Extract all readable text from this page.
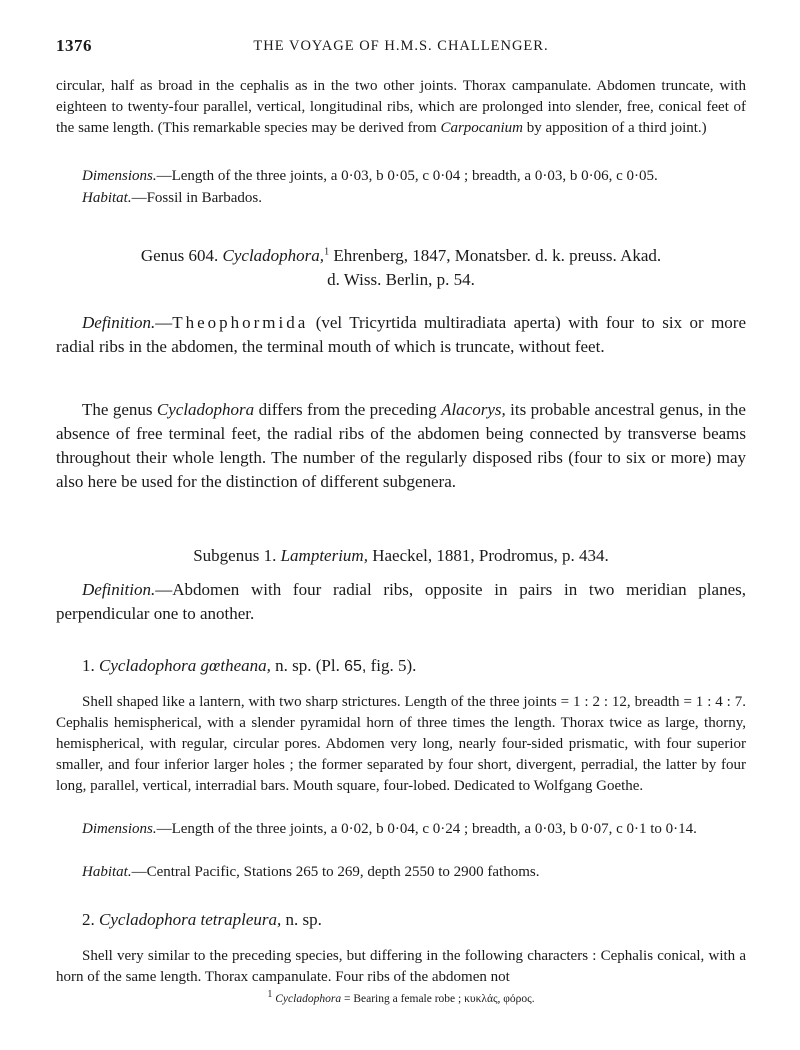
1376	THE VOYAGE OF H.M.S. CHALLENGER.

circular, half as broad in the cephalis as in the two other joints. Thorax campanulate. Abdomen truncate, with eighteen to twenty-four parallel, vertical, longitudinal ribs, which are prolonged into slender, free, conical feet of the same length. (This remarkable species may be derived from Carpocanium by apposition of a third joint.)

Dimensions.—Length of the three joints, a 0·03, b 0·05, c 0·04 ; breadth, a 0·03, b 0·06, c 0·05.

Habitat.—Fossil in Barbados.

Genus 604. Cycladophora,$^1$ Ehrenberg, 1847, Monatsber. d. k. preuss. Akad.
d. Wiss. Berlin, p. 54.

Definition.—Theophormida (vel Tricyrtida multiradiata aperta) with four to six or more radial ribs in the abdomen, the terminal mouth of which is truncate, without feet.

The genus Cycladophora differs from the preceding Alacorys, its probable ancestral genus, in the absence of free terminal feet, the radial ribs of the abdomen being connected by transverse beams throughout their whole length. The number of the regularly disposed ribs (four to six or more) may also here be used for the distinction of different subgenera.

Subgenus 1. Lampterium, Haeckel, 1881, Prodromus, p. 434.

Definition.—Abdomen with four radial ribs, opposite in pairs in two meridian planes, perpendicular one to another.

1. Cycladophora gœtheana, n. sp. (Pl. 65, fig. 5).

Shell shaped like a lantern, with two sharp strictures. Length of the three joints = 1 : 2 : 12, breadth = 1 : 4 : 7. Cephalis hemispherical, with a slender pyramidal horn of three times the length. Thorax twice as large, thorny, hemispherical, with regular, circular pores. Abdomen very long, nearly four-sided prismatic, with four superior smaller, and four inferior larger holes ; the former separated by four short, divergent, perradial, the latter by four long, parallel, vertical, interradial bars. Mouth square, four-lobed. Dedicated to Wolfgang Goethe.

Dimensions.—Length of the three joints, a 0·02, b 0·04, c 0·24 ; breadth, a 0·03, b 0·07, c 0·1 to 0·14.

Habitat.—Central Pacific, Stations 265 to 269, depth 2550 to 2900 fathoms.

2. Cycladophora tetrapleura, n. sp.

Shell very similar to the preceding species, but differing in the following characters : Cephalis conical, with a horn of the same length. Thorax campanulate. Four ribs of the abdomen not

$^1$ Cycladophora = Bearing a female robe ; κυκλάς, φόρος.
